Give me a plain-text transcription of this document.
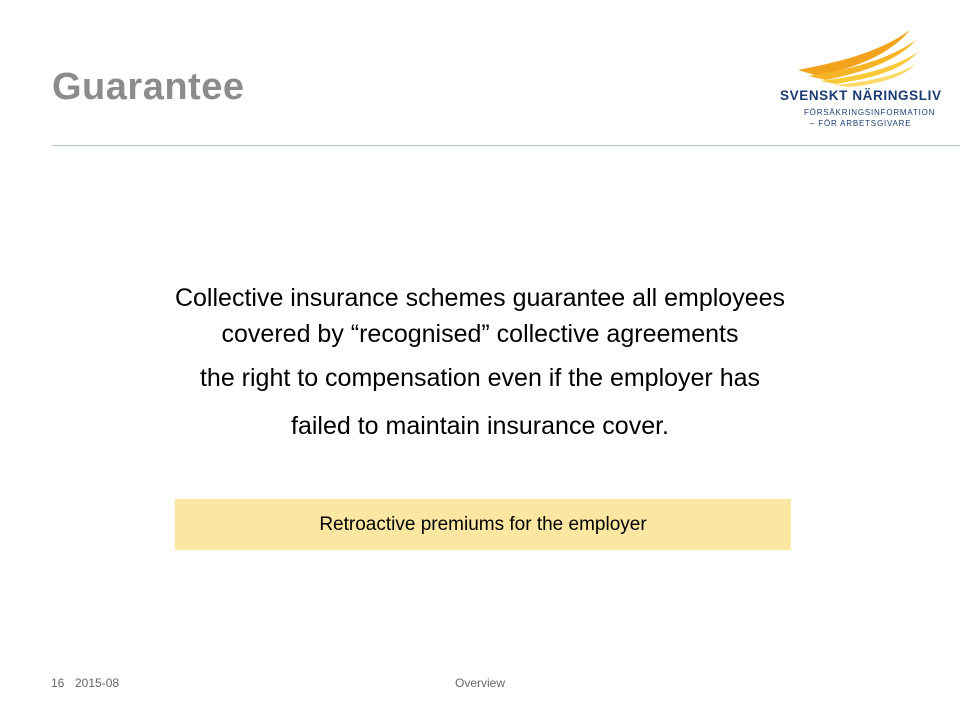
Guarantee	SVENSKT NÄRINGSLIV
FÖRSÄKRINGSINFORMATION
– FÖR ARBETSGIVARE
Collective insurance schemes guarantee all employees
covered by “recognised” collective agreements
the right to compensation even if the employer has
failed to maintain insurance cover.
Retroactive premiums for the employer
16 2015-08	Overview
